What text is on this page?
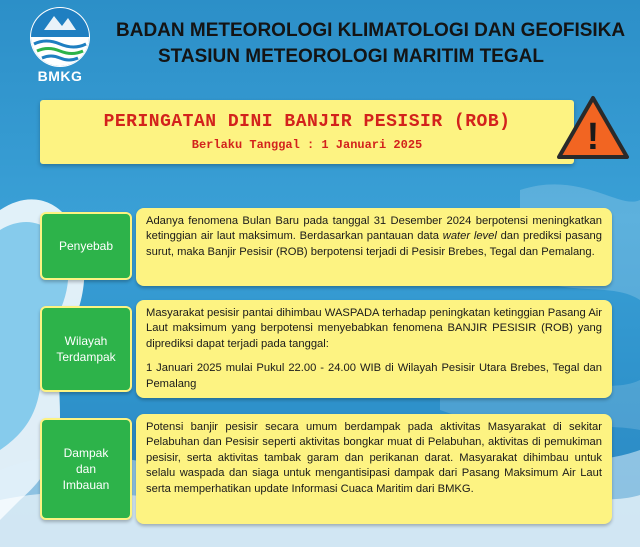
BMKG
BADAN METEOROLOGI KLIMATOLOGI DAN GEOFISIKA
STASIUN METEOROLOGI MARITIM TEGAL
PERINGATAN DINI BANJIR PESISIR (ROB)
Berlaku Tanggal : 1 Januari 2025	!
Penyebab

Adanya fenomena Bulan Baru pada tanggal 31 Desember 2024 berpotensi meningkatkan ketinggian air laut maksimum. Berdasarkan pantauan data water level dan prediksi pasang surut, maka Banjir Pesisir (ROB) berpotensi terjadi di Pesisir Brebes, Tegal dan Pemalang.

Wilayah
Terdampak

Masyarakat pesisir pantai dihimbau WASPADA terhadap peningkatan ketinggian Pasang Air Laut maksimum yang berpotensi menyebabkan fenomena BANJIR PESISIR (ROB) yang diprediksi dapat terjadi pada tanggal:

1 Januari 2025 mulai Pukul 22.00 - 24.00 WIB di Wilayah Pesisir Utara Brebes, Tegal dan Pemalang

Dampak
dan
Imbauan

Potensi banjir pesisir secara umum berdampak pada aktivitas Masyarakat di sekitar Pelabuhan dan Pesisir seperti aktivitas bongkar muat di Pelabuhan, aktivitas di pemukiman pesisir, serta aktivitas tambak garam dan perikanan darat. Masyarakat dihimbau untuk selalu waspada dan siaga untuk mengantisipasi dampak dari Pasang Maksimum Air Laut serta memperhatikan update Informasi Cuaca Maritim dari BMKG.
